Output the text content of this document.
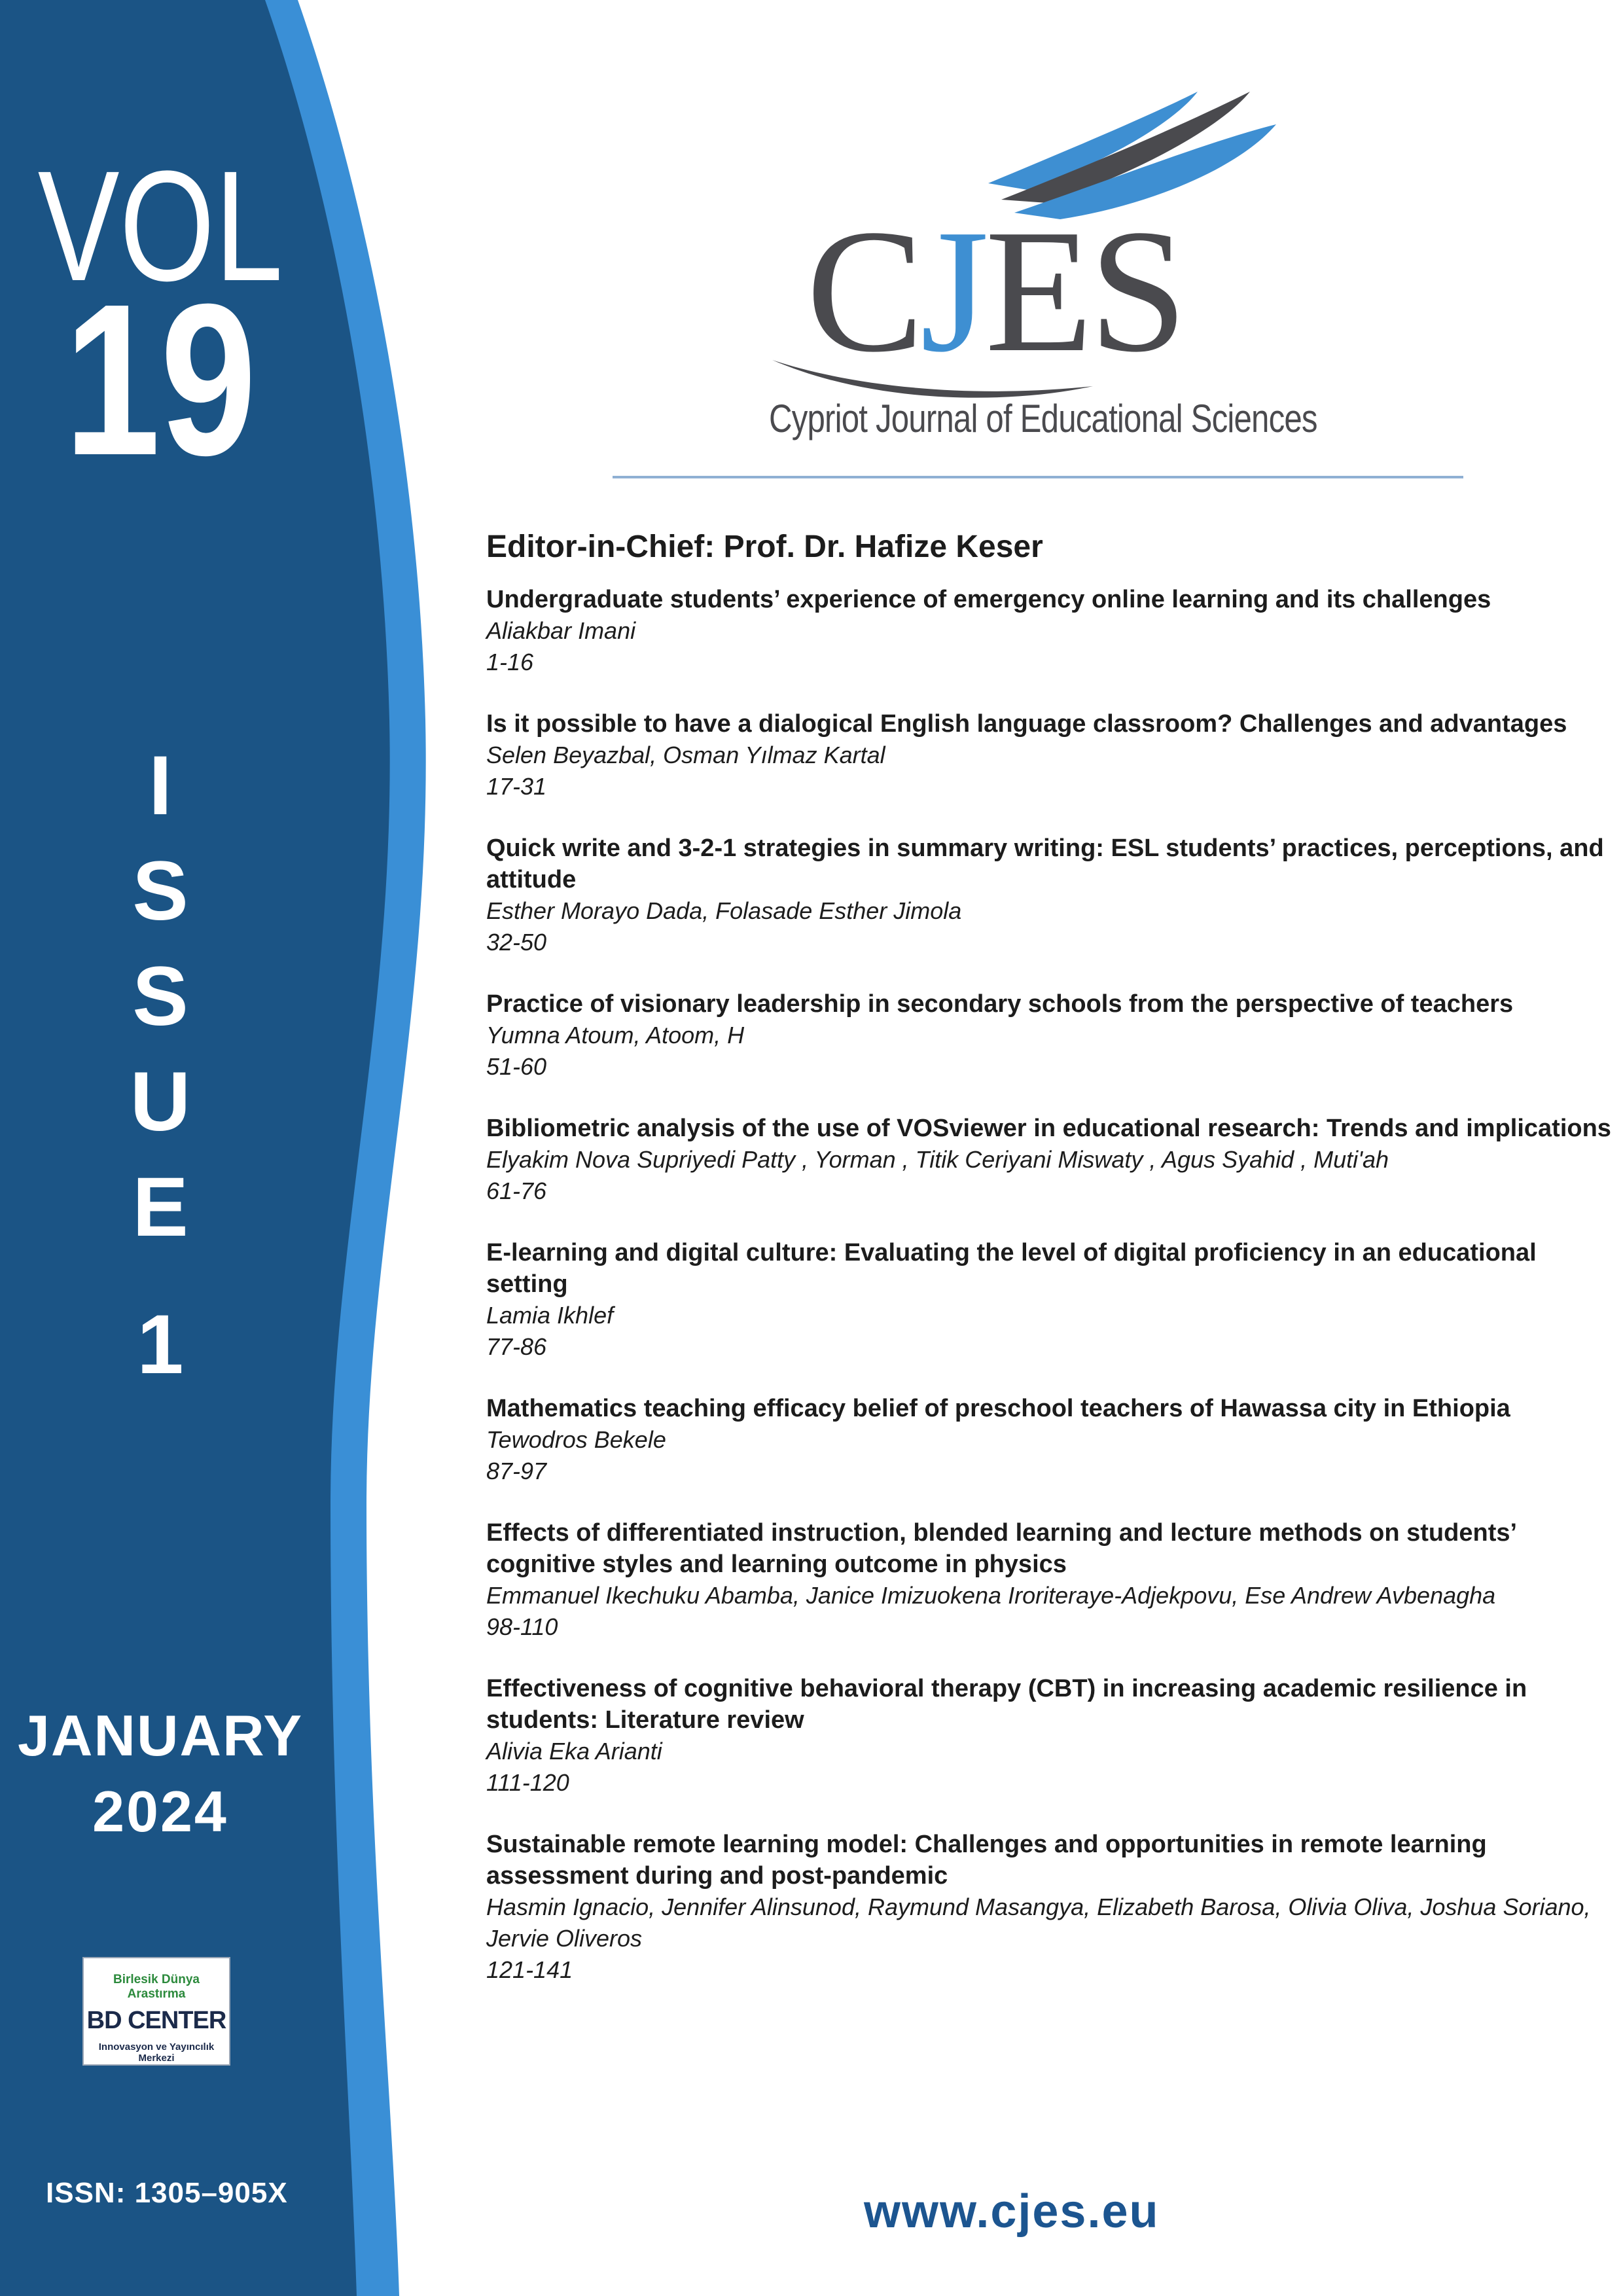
VOL
19
I
S
S
U
E
1
JANUARY
2024
Birlesik Dünya Arastırma
BD CENTER
Innovasyon ve Yayıncılık Merkezi
ISSN: 1305–905X
CJES
Cypriot Journal of Educational Sciences
Editor-in-Chief: Prof. Dr. Hafize Keser
Undergraduate students’ experience of emergency online learning and its challenges
Aliakbar Imani
1-16
Is it possible to have a dialogical English language classroom? Challenges and advantages
Selen Beyazbal, Osman Yılmaz Kartal
17-31
Quick write and 3-2-1 strategies in summary writing: ESL students’ practices, perceptions, and attitude
Esther Morayo Dada, Folasade Esther Jimola
32-50
Practice of visionary leadership in secondary schools from the perspective of teachers
Yumna Atoum, Atoom, H
51-60
Bibliometric analysis of the use of VOSviewer in educational research: Trends and implications
Elyakim Nova Supriyedi Patty , Yorman , Titik Ceriyani Miswaty , Agus Syahid , Muti'ah
61-76
E-learning and digital culture: Evaluating the level of digital proficiency in an educational setting
Lamia Ikhlef
77-86
Mathematics teaching efficacy belief of preschool teachers of Hawassa city in Ethiopia
Tewodros Bekele
87-97
Effects of differentiated instruction, blended learning and lecture methods on students’ cognitive styles and learning outcome in physics
Emmanuel Ikechuku Abamba, Janice Imizuokena Iroriteraye-Adjekpovu, Ese Andrew Avbenagha
98-110
Effectiveness of cognitive behavioral therapy (CBT) in increasing academic resilience in students: Literature review
Alivia Eka Arianti
111-120
Sustainable remote learning model: Challenges and opportunities in remote learning assessment during and post-pandemic
Hasmin Ignacio, Jennifer Alinsunod, Raymund Masangya, Elizabeth Barosa, Olivia Oliva, Joshua Soriano, Jervie Oliveros
121-141
www.cjes.eu
